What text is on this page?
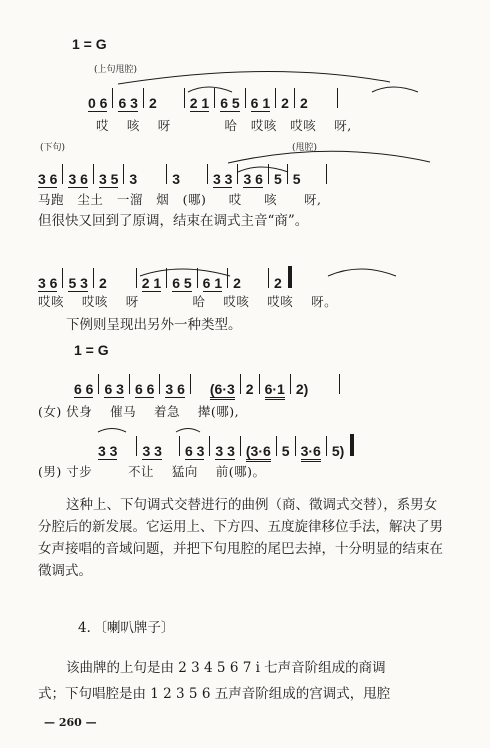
1 = G
(上句甩腔)
0 6 6 3 2 2 1 6 5 6 1 2 2
哎    咳    呀            哈   哎咳   哎咳    呀,
(下句)	(甩腔)
3 6 3 6 3 5 3	3 3 3 3 6 5 5
马跑   尘土   一溜   烟   (哪)     哎     咳      呀,
但很快又回到了原调，结束在调式主音“商”。
3 6 5 3 2	2 1 6 5 6 1 2 2
哎咳    哎咳    呀            哈    哎咳    哎咳    呀。
下例则呈现出另外一种类型。
1 = G
6 6 6 3 6 6 3 6 (6·3 2 6·1 2)
(女) 伏身    催马    着急    撵(哪),
3 3 3 3 6 3 3 3 (3·6 5 3·6 5)
(男) 寸步        不让    猛向    前(哪)。
这种上、下句调式交替进行的曲例（商、徵调式交替），系男女分腔后的新发展。它运用上、下方四、五度旋律移位手法，解决了男女声接唱的音域问题，并把下句甩腔的尾巴去掉，十分明显的结束在徵调式。
4．〔喇叭牌子〕
该曲牌的上句是由 2 3 4 5 6 7 i 七声音阶组成的商调
式；下句唱腔是由 1 2 3 5 6 五声音阶组成的宫调式，甩腔
— 260 —
